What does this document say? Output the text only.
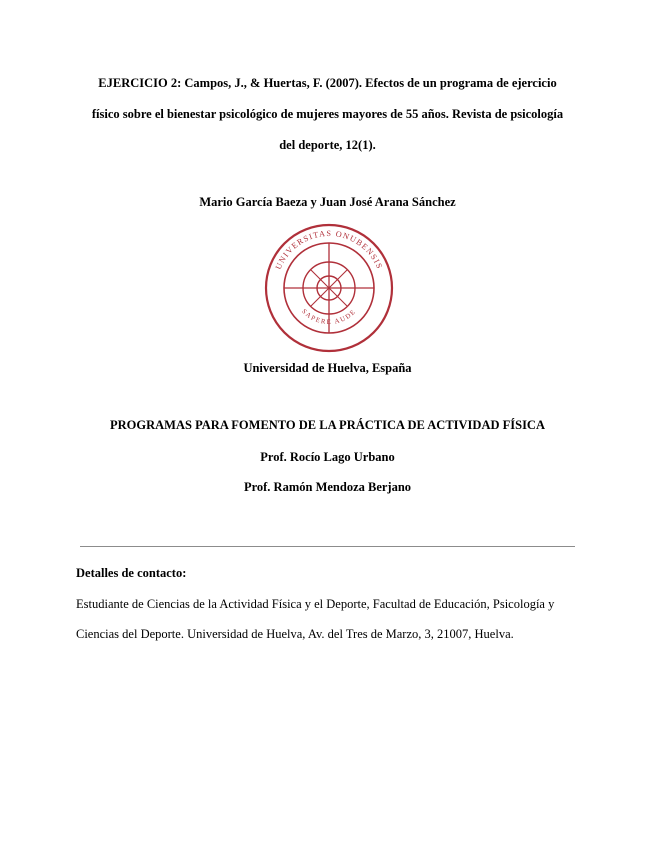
EJERCICIO 2: Campos, J., & Huertas, F. (2007). Efectos de un programa de ejercicio
físico sobre el bienestar psicológico de mujeres mayores de 55 años. Revista de psicología
del deporte, 12(1).
Mario García Baeza y Juan José Arana Sánchez
UNIVERSITAS ONUBENSIS
SAPERE AUDE
Universidad de Huelva, España
PROGRAMAS PARA FOMENTO DE LA PRÁCTICA DE ACTIVIDAD FÍSICA
Prof. Rocío Lago Urbano
Prof. Ramón Mendoza Berjano
Detalles de contacto:
Estudiante de Ciencias de la Actividad Física y el Deporte, Facultad de Educación, Psicología y
Ciencias del Deporte. Universidad de Huelva, Av. del Tres de Marzo, 3, 21007, Huelva.
